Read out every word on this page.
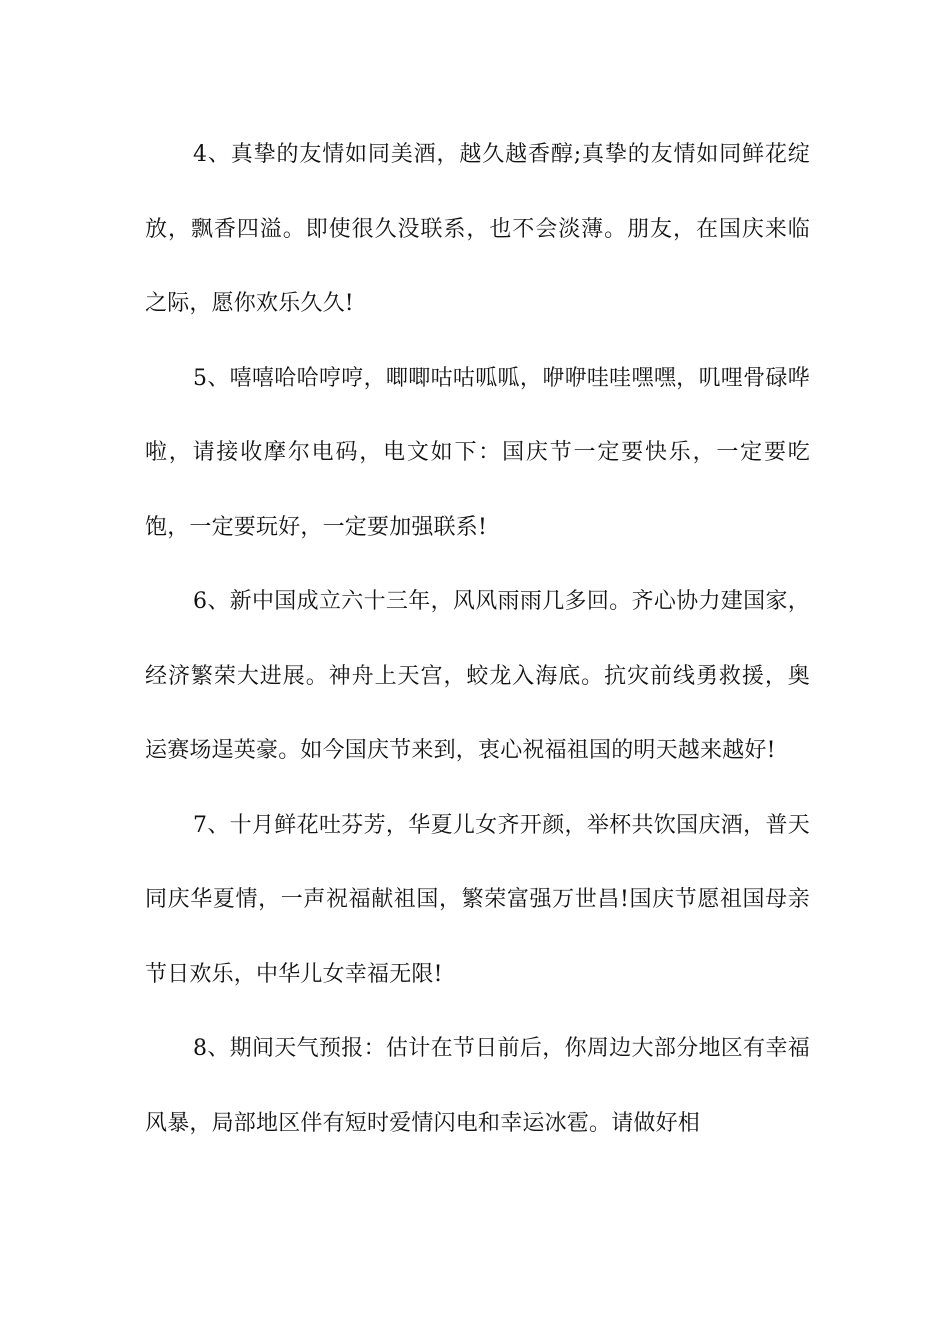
4、真挚的友情如同美酒，越久越香醇;真挚的友情如同鲜花绽放，飘香四溢。即使很久没联系，也不会淡薄。朋友，在国庆来临之际，愿你欢乐久久!

5、嘻嘻哈哈哼哼，唧唧咕咕呱呱，咿咿哇哇嘿嘿，叽哩骨碌哗啦，请接收摩尔电码，电文如下：国庆节一定要快乐，一定要吃饱，一定要玩好，一定要加强联系!

6、新中国成立六十三年，风风雨雨几多回。齐心协力建国家，经济繁荣大进展。神舟上天宫，蛟龙入海底。抗灾前线勇救援，奥运赛场逞英豪。如今国庆节来到，衷心祝福祖国的明天越来越好!

7、十月鲜花吐芬芳，华夏儿女齐开颜，举杯共饮国庆酒，普天同庆华夏情，一声祝福献祖国，繁荣富强万世昌!国庆节愿祖国母亲节日欢乐，中华儿女幸福无限!

8、期间天气预报：估计在节日前后，你周边大部分地区有幸福风暴，局部地区伴有短时爱情闪电和幸运冰雹。请做好相
